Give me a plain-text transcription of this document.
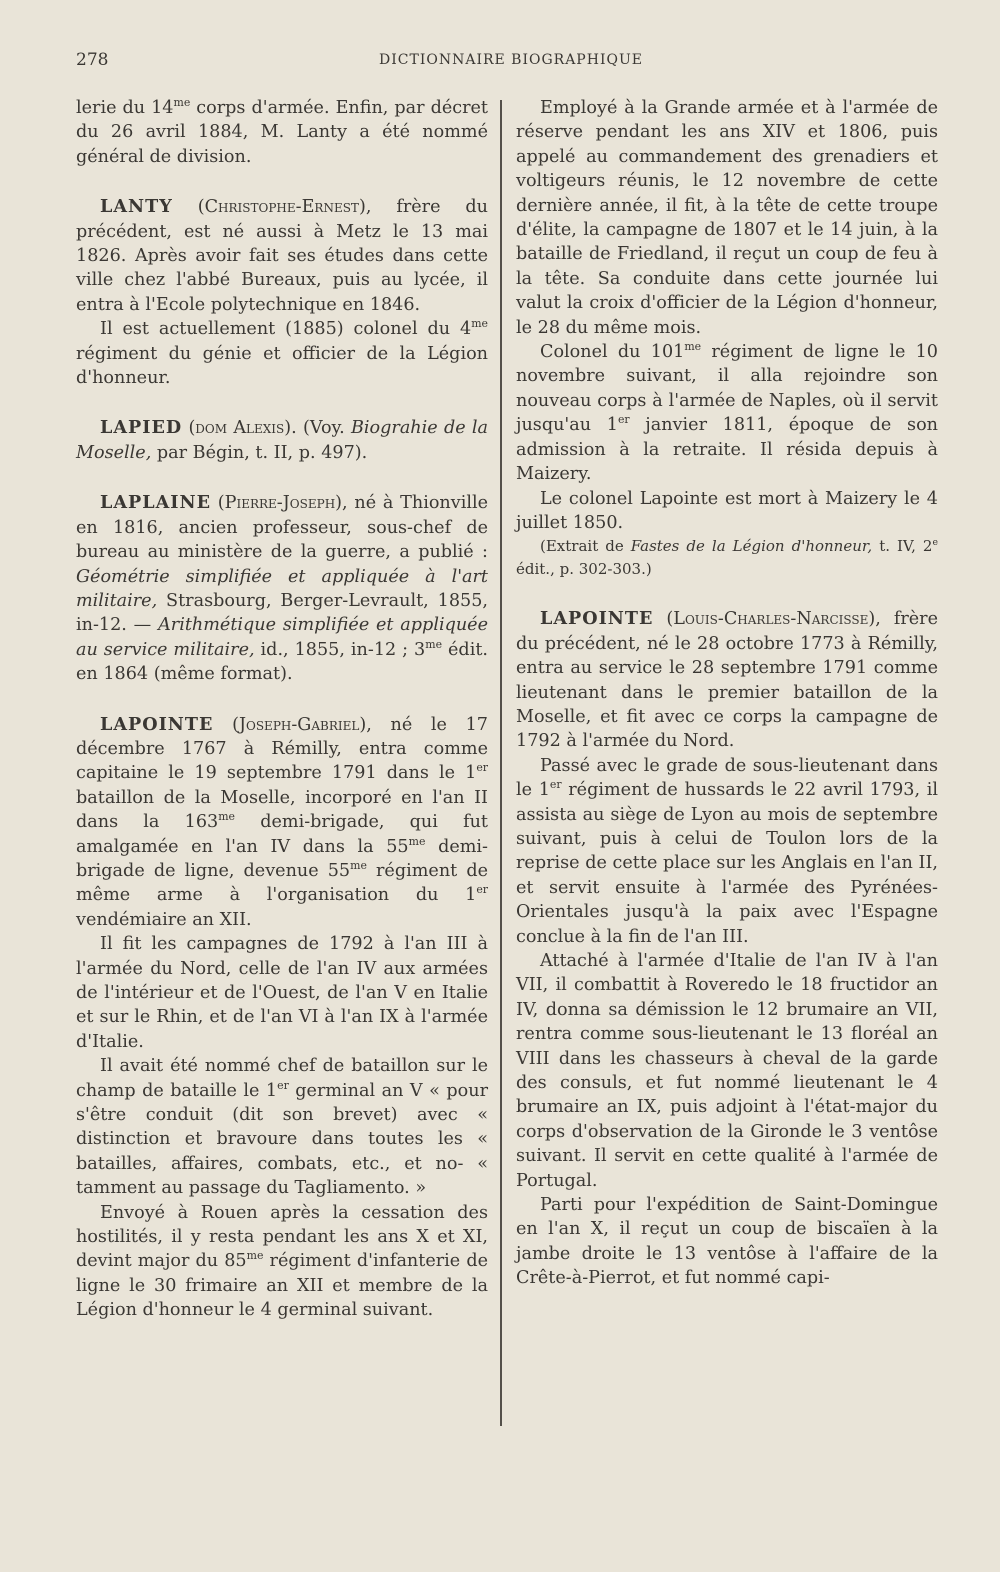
278	DICTIONNAIRE BIOGRAPHIQUE

lerie du $14^{me}$ corps d'armée. Enfin, par décret du 26 avril 1884, M. Lanty a été nommé général de division.

LANTY (Christophe-Ernest), frère du précédent, est né aussi à Metz le 13 mai 1826. Après avoir fait ses études dans cette ville chez l'abbé Bureaux, puis au lycée, il entra à l'Ecole polytechnique en 1846.

Il est actuellement (1885) colonel du $4^{me}$ régiment du génie et officier de la Légion d'honneur.

LAPIED (dom Alexis). (Voy. Biograhie de la Moselle, par Bégin, t. II, p. 497).

LAPLAINE (Pierre-Joseph), né à Thionville en 1816, ancien professeur, sous-chef de bureau au ministère de la guerre, a publié : Géométrie simplifiée et appliquée à l'art militaire, Strasbourg, Berger-Levrault, 1855, in-12. — Arithmétique simplifiée et appliquée au service militaire, id., 1855, in-12 ; $3^{me}$ édit. en 1864 (même format).

LAPOINTE (Joseph-Gabriel), né le 17 décembre 1767 à Rémilly, entra comme capitaine le 19 septembre 1791 dans le 1er bataillon de la Moselle, incorporé en l'an II dans la $163^{me}$ demi-brigade, qui fut amalgamée en l'an IV dans la $55^{me}$ demi-brigade de ligne, devenue $55^{me}$ régiment de même arme à l'organisation du 1er vendémiaire an XII.

Il fit les campagnes de 1792 à l'an III à l'armée du Nord, celle de l'an IV aux armées de l'intérieur et de l'Ouest, de l'an V en Italie et sur le Rhin, et de l'an VI à l'an IX à l'armée d'Italie.

Il avait été nommé chef de bataillon sur le champ de bataille le 1er germinal an V « pour s'être conduit (dit son brevet) avec « distinction et bravoure dans toutes les « batailles, affaires, combats, etc., et no- « tamment au passage du Tagliamento. »

Envoyé à Rouen après la cessation des hostilités, il y resta pendant les ans X et XI, devint major du $85^{me}$ régiment d'infanterie de ligne le 30 frimaire an XII et membre de la Légion d'honneur le 4 germinal suivant.

Employé à la Grande armée et à l'armée de réserve pendant les ans XIV et 1806, puis appelé au commandement des grenadiers et voltigeurs réunis, le 12 novembre de cette dernière année, il fit, à la tête de cette troupe d'élite, la campagne de 1807 et le 14 juin, à la bataille de Friedland, il reçut un coup de feu à la tête. Sa conduite dans cette journée lui valut la croix d'officier de la Légion d'honneur, le 28 du même mois.

Colonel du $101^{me}$ régiment de ligne le 10 novembre suivant, il alla rejoindre son nouveau corps à l'armée de Naples, où il servit jusqu'au 1er janvier 1811, époque de son admission à la retraite. Il résida depuis à Maizery.

Le colonel Lapointe est mort à Maizery le 4 juillet 1850.

(Extrait de Fastes de la Légion d'honneur, t. IV, 2e édit., p. 302-303.)

LAPOINTE (Louis-Charles-Narcisse), frère du précédent, né le 28 octobre 1773 à Rémilly, entra au service le 28 septembre 1791 comme lieutenant dans le premier bataillon de la Moselle, et fit avec ce corps la campagne de 1792 à l'armée du Nord.

Passé avec le grade de sous-lieutenant dans le 1er régiment de hussards le 22 avril 1793, il assista au siège de Lyon au mois de septembre suivant, puis à celui de Toulon lors de la reprise de cette place sur les Anglais en l'an II, et servit ensuite à l'armée des Pyrénées-Orientales jusqu'à la paix avec l'Espagne conclue à la fin de l'an III.

Attaché à l'armée d'Italie de l'an IV à l'an VII, il combattit à Roveredo le 18 fructidor an IV, donna sa démission le 12 brumaire an VII, rentra comme sous-lieutenant le 13 floréal an VIII dans les chasseurs à cheval de la garde des consuls, et fut nommé lieutenant le 4 brumaire an IX, puis adjoint à l'état-major du corps d'observation de la Gironde le 3 ventôse suivant. Il servit en cette qualité à l'armée de Portugal.

Parti pour l'expédition de Saint-Domingue en l'an X, il reçut un coup de biscaïen à la jambe droite le 13 ventôse à l'affaire de la Crête-à-Pierrot, et fut nommé capi-
